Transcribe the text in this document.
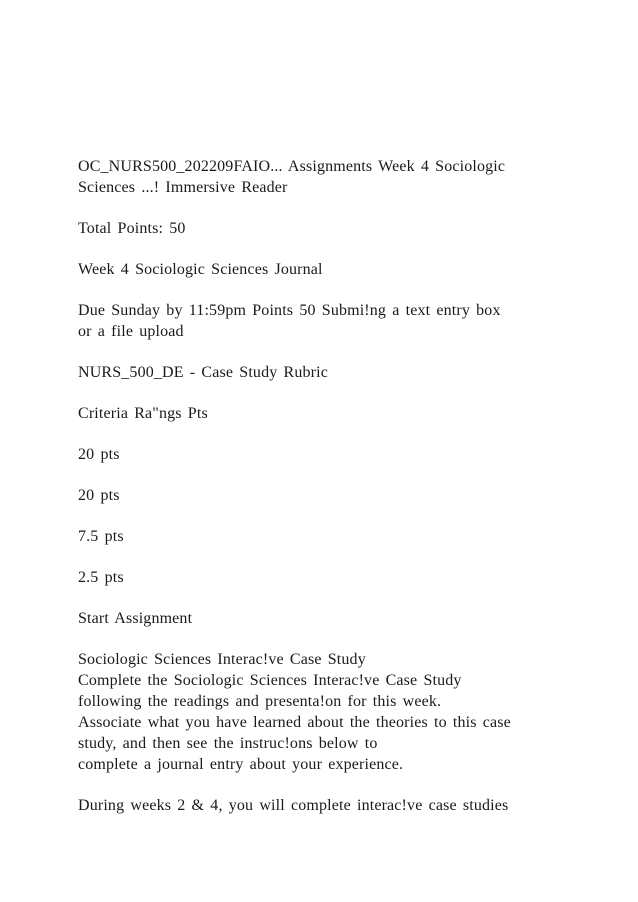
OC_NURS500_202209FAIO... Assignments Week 4 Sociologic
Sciences ...! Immersive Reader

Total Points: 50

Week 4 Sociologic Sciences Journal

Due Sunday by 11:59pm Points 50 Submi!ng a text entry box
or a file upload

NURS_500_DE - Case Study Rubric

Criteria Ra"ngs Pts

20 pts

20 pts

7.5 pts

2.5 pts

Start Assignment

Sociologic Sciences Interac!ve Case Study
Complete the Sociologic Sciences Interac!ve Case Study
following the readings and presenta!on for this week.
Associate what you have learned about the theories to this case
study, and then see the instruc!ons below to
complete a journal entry about your experience.

During weeks 2 & 4, you will complete interac!ve case studies
